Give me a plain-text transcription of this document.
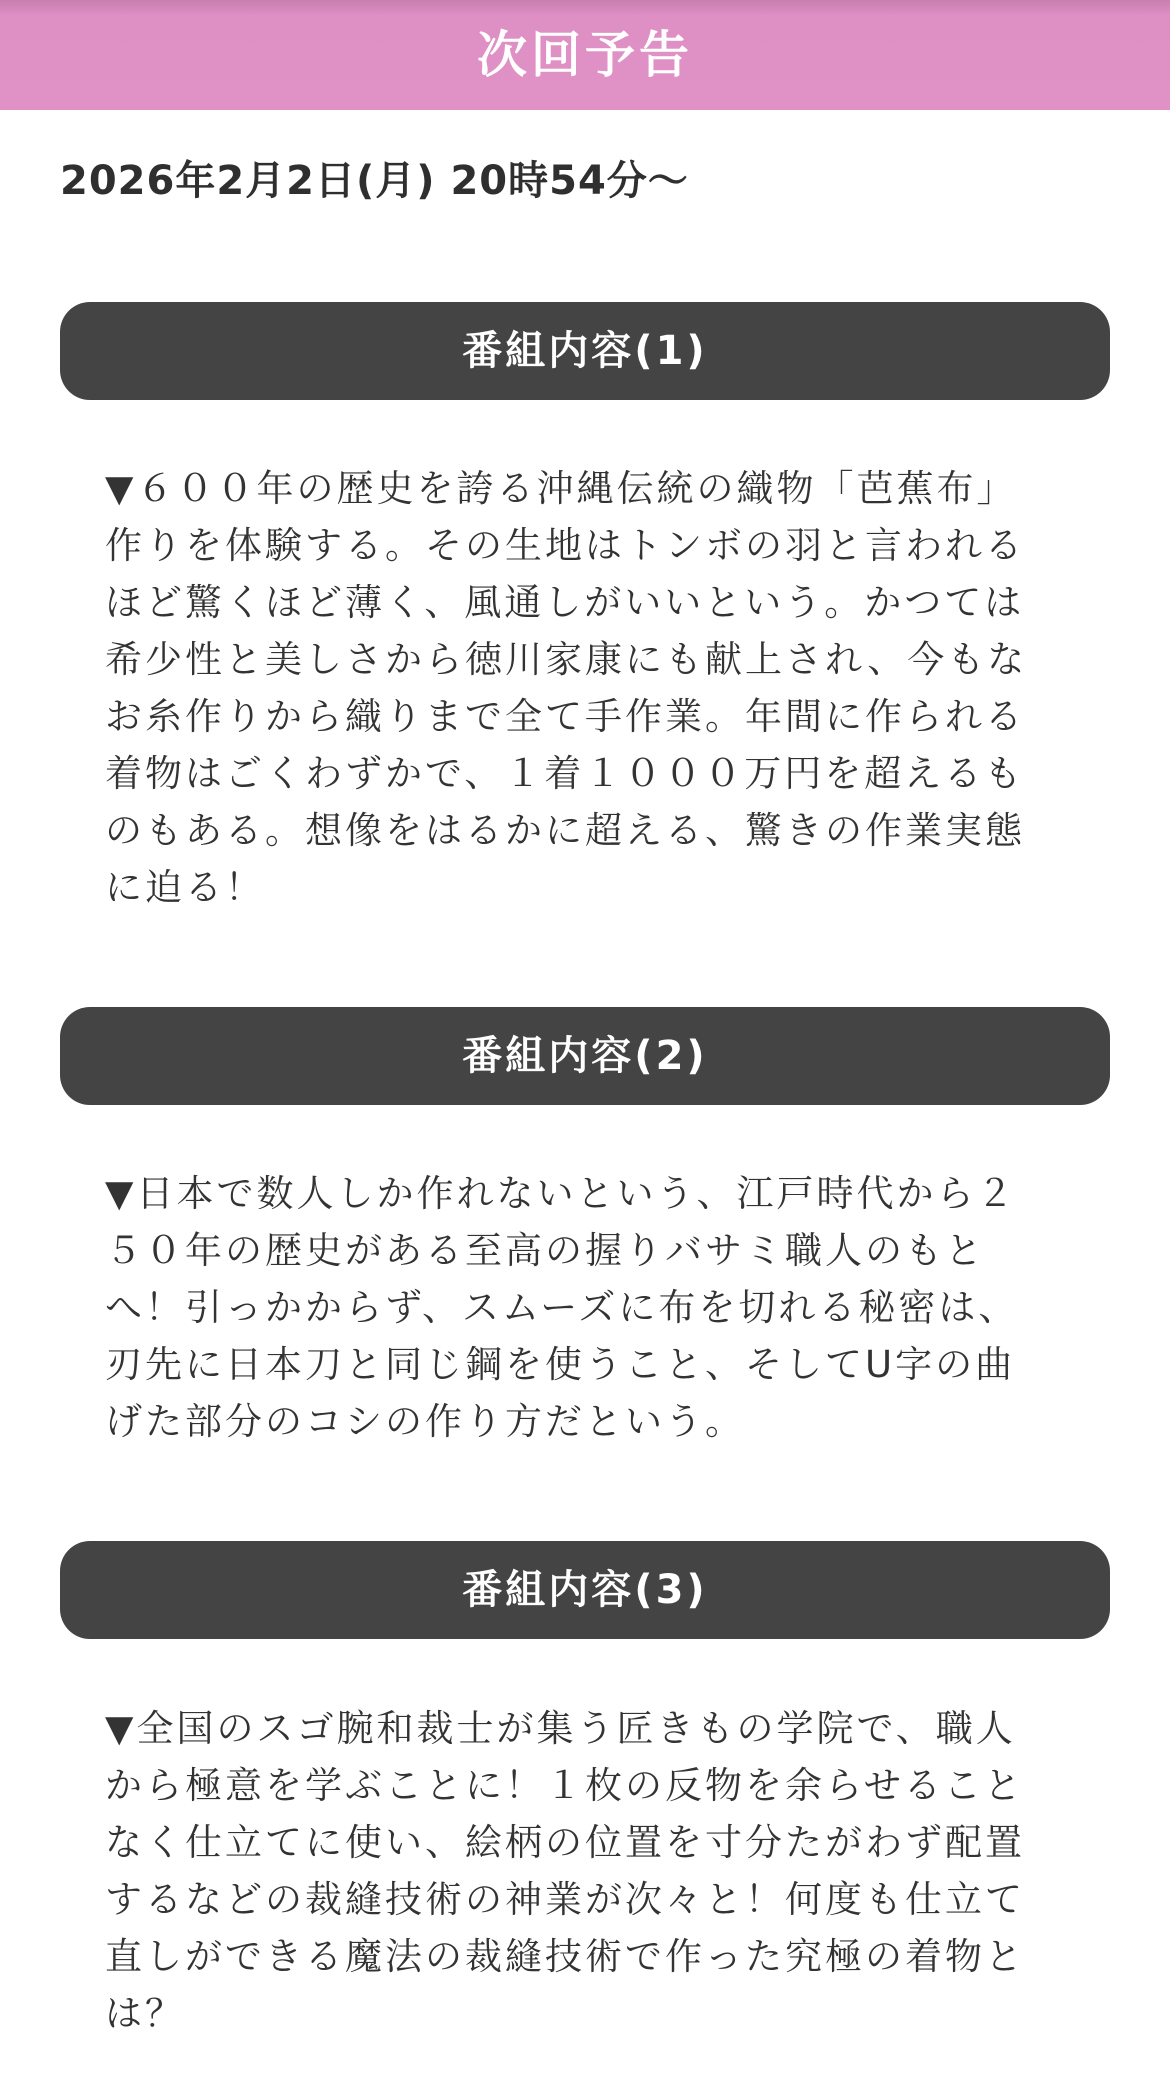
次回予告
2026年2月2日(月) 20時54分〜
番組内容(1)

▼６００年の歴史を誇る沖縄伝統の織物「芭蕉布」作りを体験する。その生地はトンボの羽と言われるほど驚くほど薄く、風通しがいいという。かつては希少性と美しさから徳川家康にも献上され、今もなお糸作りから織りまで全て手作業。年間に作られる着物はごくわずかで、１着１０００万円を超えるものもある。想像をはるかに超える、驚きの作業実態に迫る！

番組内容(2)

▼日本で数人しか作れないという、江戸時代から２５０年の歴史がある至高の握りバサミ職人のもとへ！引っかからず、スムーズに布を切れる秘密は、刃先に日本刀と同じ鋼を使うこと、そしてU字の曲げた部分のコシの作り方だという。

番組内容(3)

▼全国のスゴ腕和裁士が集う匠きもの学院で、職人から極意を学ぶことに！１枚の反物を余らせることなく仕立てに使い、絵柄の位置を寸分たがわず配置するなどの裁縫技術の神業が次々と！何度も仕立て直しができる魔法の裁縫技術で作った究極の着物とは？
